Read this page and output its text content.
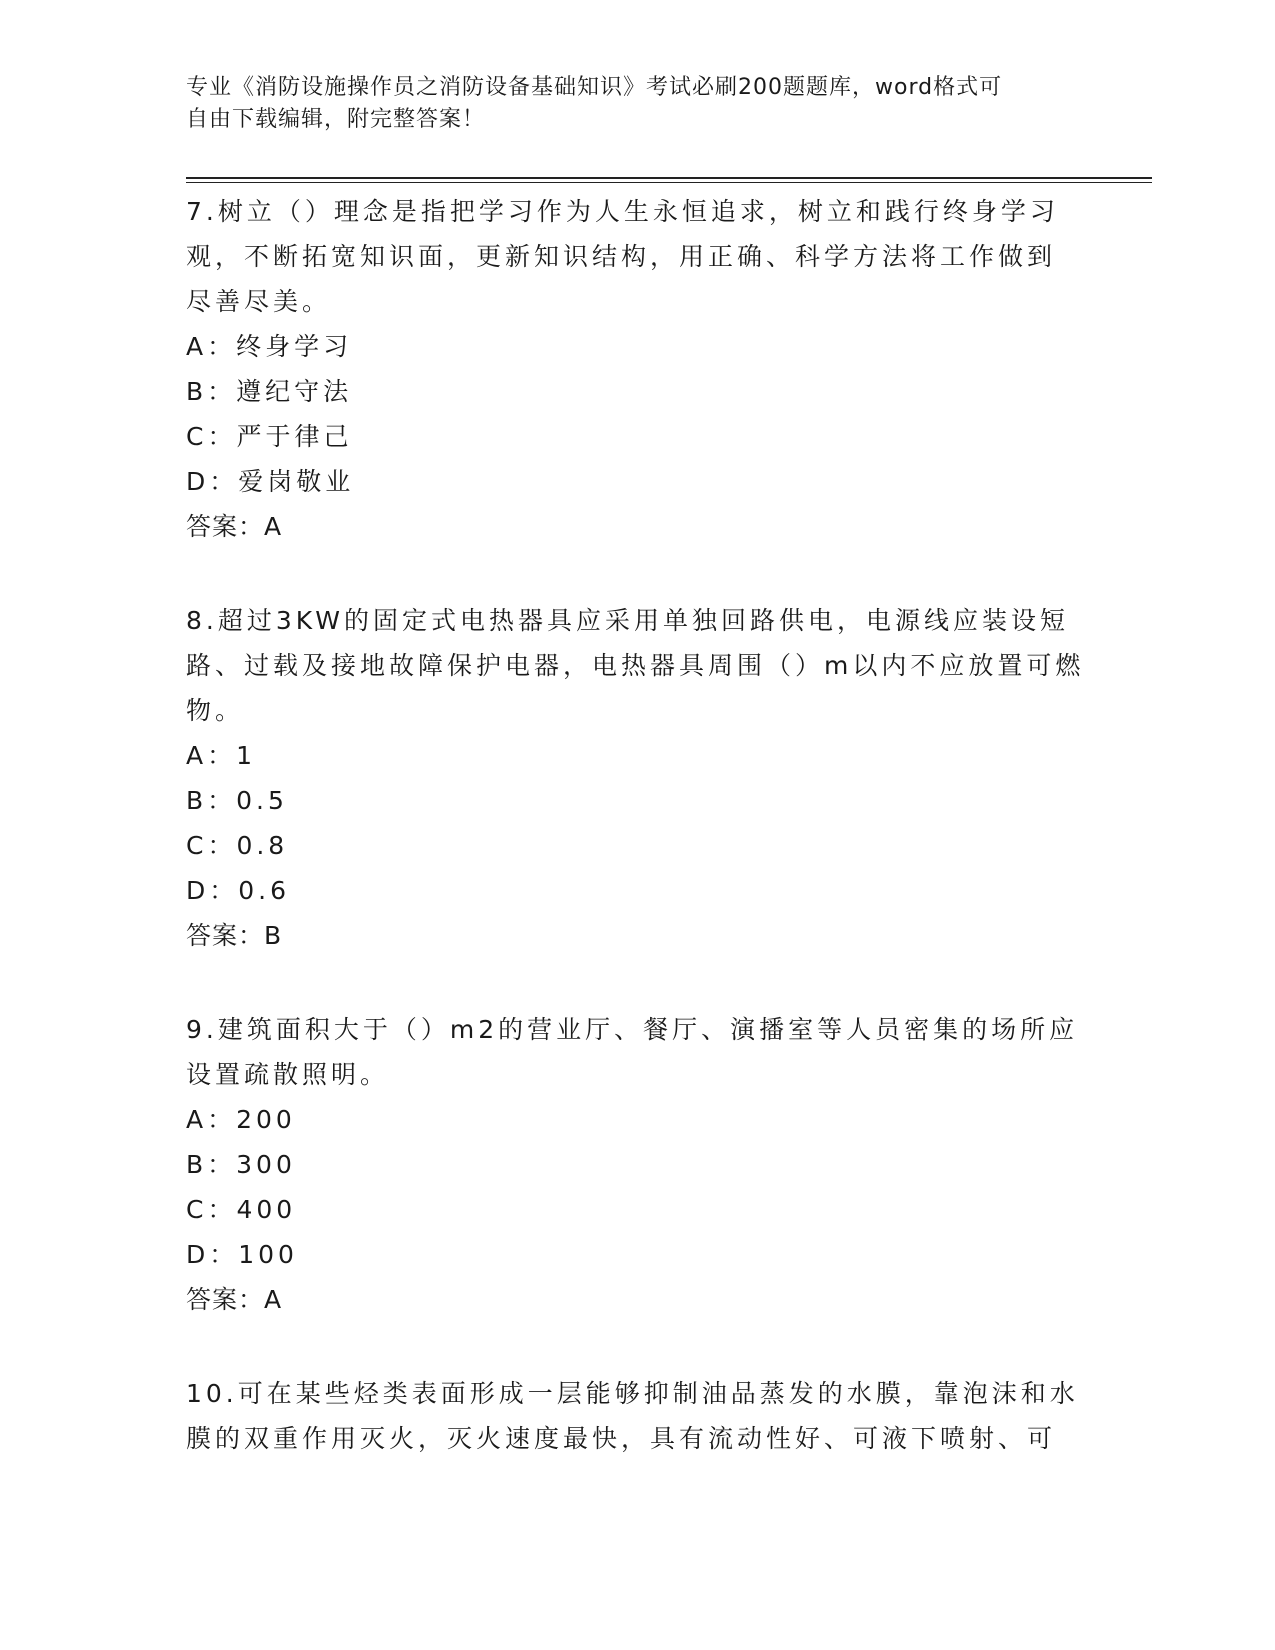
专业《消防设施操作员之消防设备基础知识》考试必刷200题题库，word格式可
自由下载编辑，附完整答案！

7.树立（）理念是指把学习作为人生永恒追求，树立和践行终身学习

观，不断拓宽知识面，更新知识结构，用正确、科学方法将工作做到

尽善尽美。

A：终身学习

B：遵纪守法

C：严于律己

D：爱岗敬业

答案：A

8.超过3KW的固定式电热器具应采用单独回路供电，电源线应装设短

路、过载及接地故障保护电器，电热器具周围（）m以内不应放置可燃

物。

A：1

B：0.5

C：0.8

D：0.6

答案：B

9.建筑面积大于（）m2的营业厅、餐厅、演播室等人员密集的场所应

设置疏散照明。

A：200

B：300

C：400

D：100

答案：A

10.可在某些烃类表面形成一层能够抑制油品蒸发的水膜，靠泡沫和水

膜的双重作用灭火，灭火速度最快，具有流动性好、可液下喷射、可
